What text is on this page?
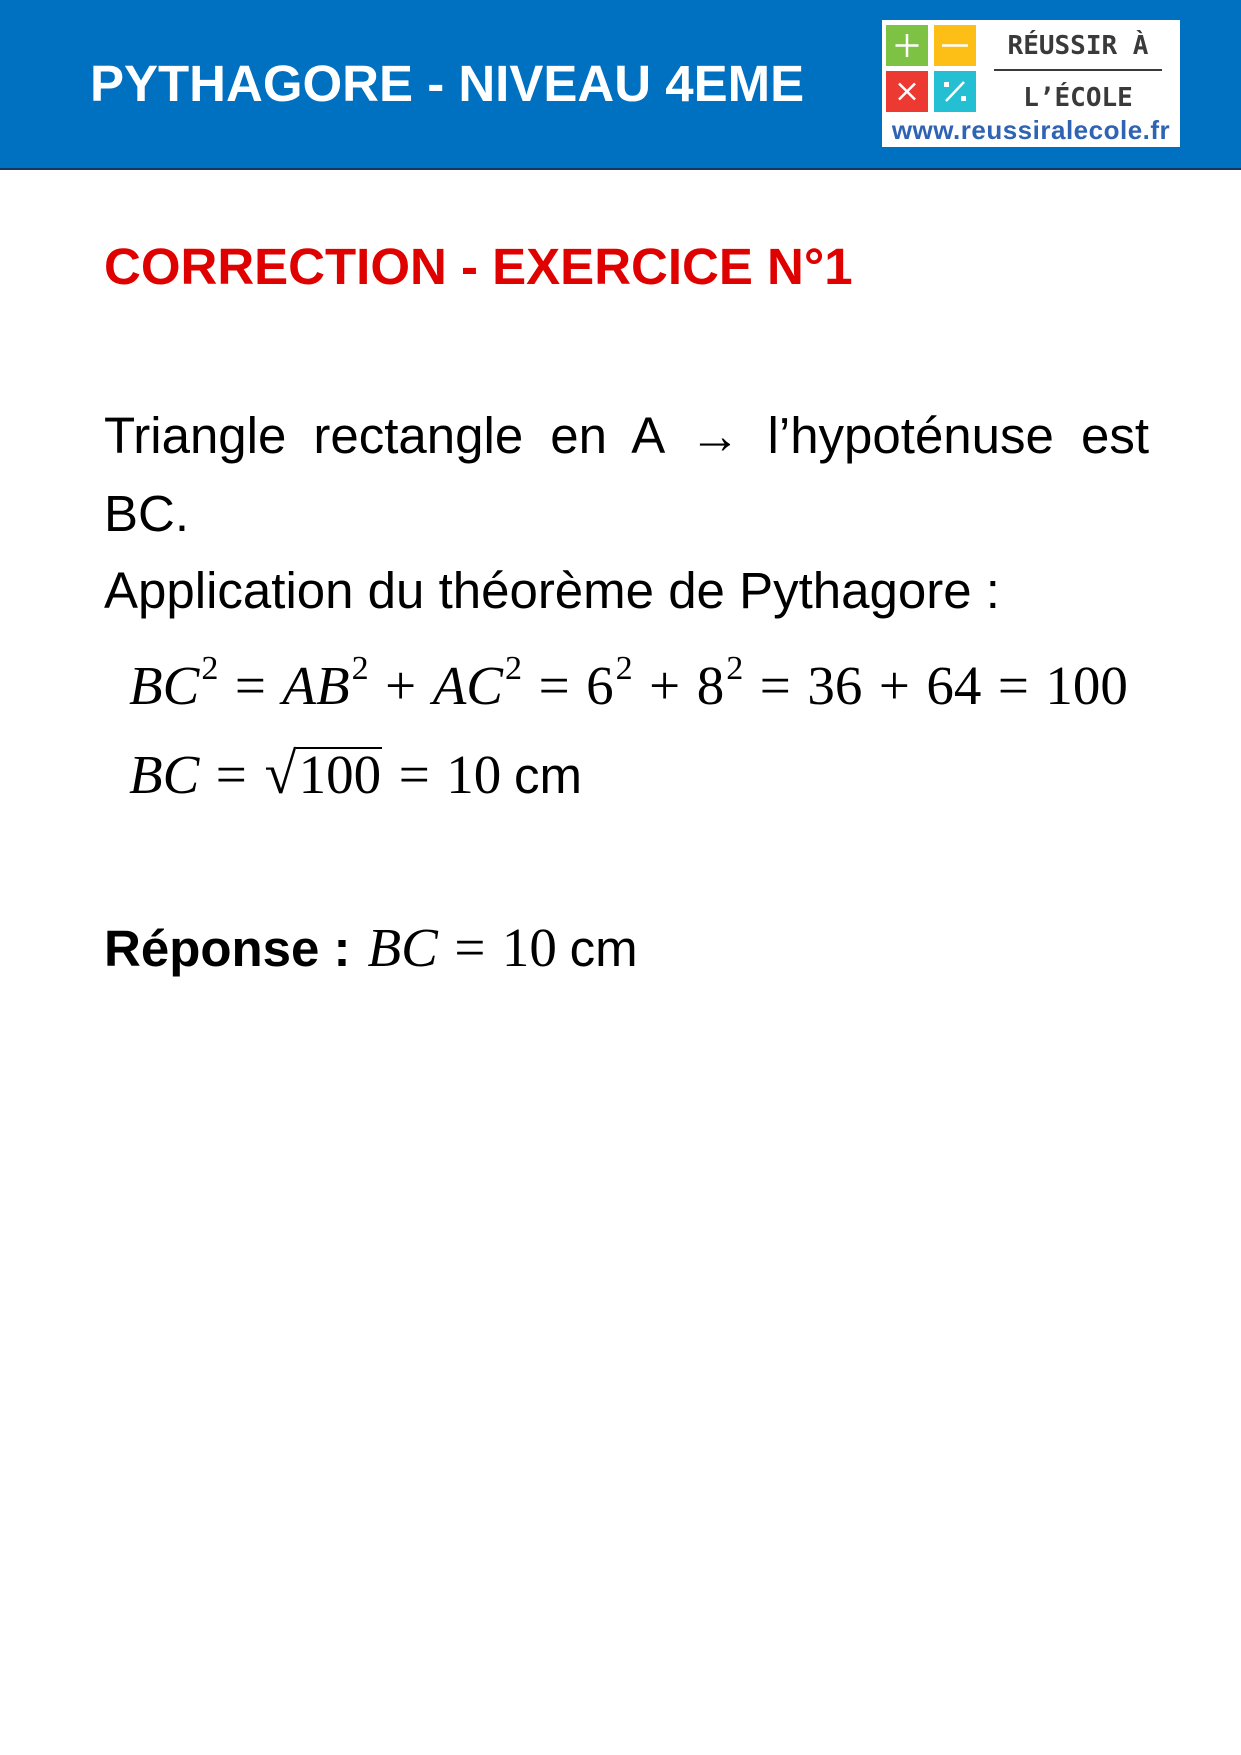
PYTHAGORE - NIVEAU 4EME
RÉUSSIR À
L’ÉCOLE
www.reussiralecole.fr
CORRECTION - EXERCICE N°1

Triangle rectangle en A → l’hypoténuse est BC.

Application du théorème de Pythagore :

BC 2 = AB 2 + AC 2 = 6 2 + 8 2 = 36 + 64 = 100
BC = √ 100 = 10 cm
Réponse : BC = 10 cm
